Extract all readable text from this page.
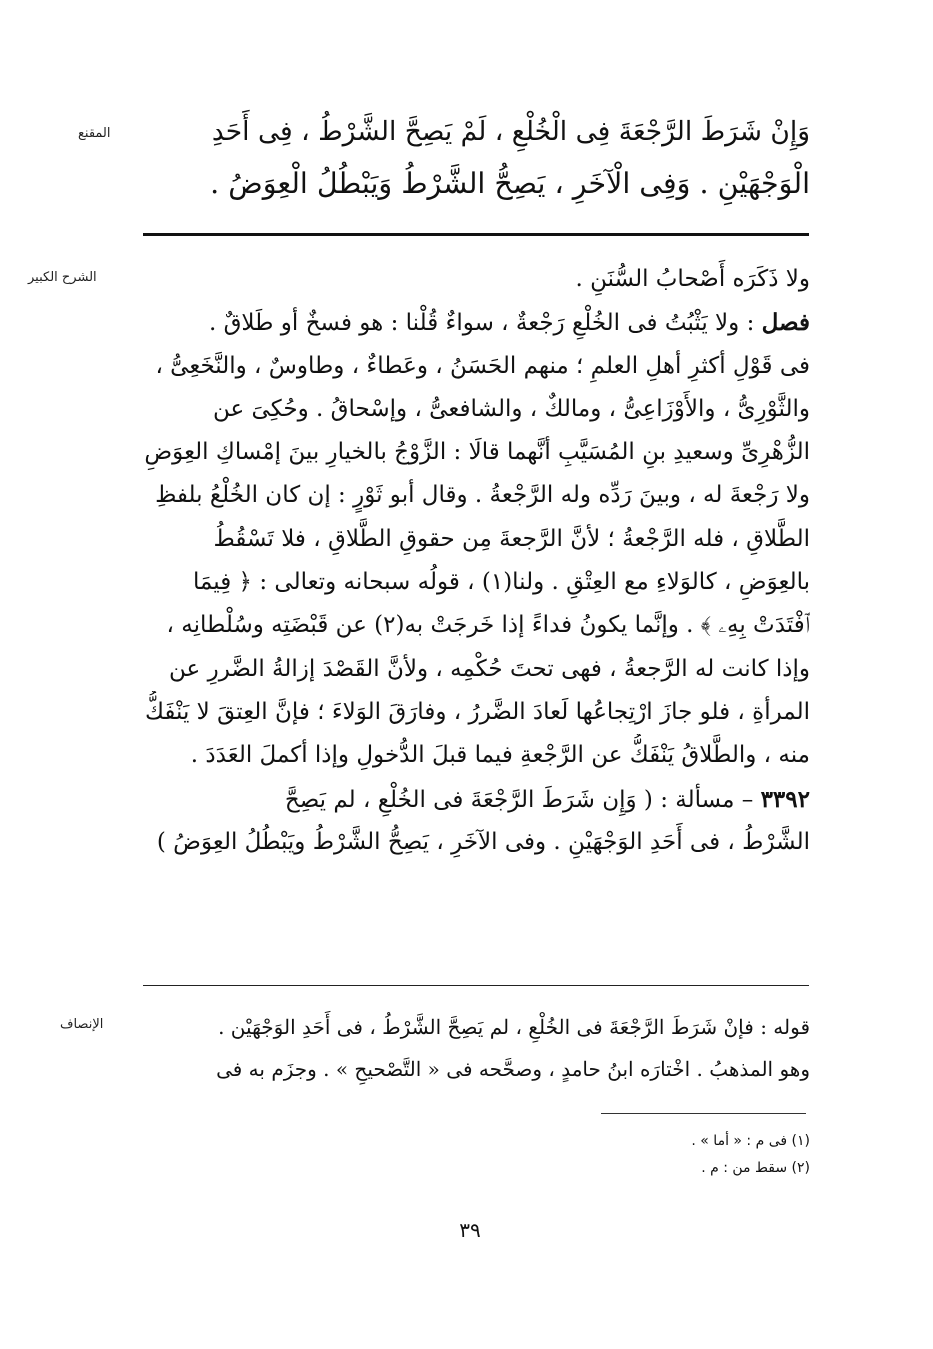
المقنع
الشرح الكبير
الإنصاف
وَإِنْ شَرَطَ الرَّجْعَةَ فِى الْخُلْعِ ، لَمْ يَصِحَّ الشَّرْطُ ، فِى أَحَدِ
الْوَجْهَيْنِ . وَفِى الْآخَرِ ، يَصِحُّ الشَّرْطُ وَيَبْطُلُ الْعِوَضُ .
ولا ذَكَرَه أَصْحابُ السُّنَنِ .
فصل : ولا يَثْبُتُ فى الخُلْعِ رَجْعةٌ ، سواءٌ قُلْنا : هو فسخٌ أو طَلاقٌ .
فى قَوْلِ أكثرِ أهلِ العلمِ ؛ منهم الحَسَنُ ، وعَطاءٌ ، وطاوسٌ ، والنَّخَعِىُّ ،
والثَّوْرِىُّ ، والأَوْزَاعِىُّ ، ومالكٌ ، والشافعىُّ ، وإسْحاقُ . وحُكِىَ عن
الزُّهْرِىِّ وسعيدِ بنِ المُسَيَّبِ أنَّهما قالَا : الزَّوْجُ بالخيارِ بينَ إمْساكِ العِوَضِ
ولا رَجْعةَ له ، وبينَ رَدِّه وله الرَّجْعةُ . وقال أبو ثَوْرٍ : إن كان الخُلْعُ بلفظِ
الطَّلاقِ ، فله الرَّجْعةُ ؛ لأنَّ الرَّجعةَ مِن حقوقِ الطَّلاقِ ، فلا تَسْقُطُ
بالعِوَضِ ، كالوَلاءِ مع العِتْقِ . ولنا(١) ، قولُه سبحانه وتعالى : ﴿ فِيمَا
ٱفْتَدَتْ بِهِۦ ﴾ . وإنَّما يكونُ فداءً إذا خَرجَتْ به(٢) عن قَبْضَتِه وسُلْطانِه ،
وإذا كانت له الرَّجعةُ ، فهى تحتَ حُكْمِه ، ولأنَّ القَصْدَ إزالةُ الضَّررِ عن
المرأةِ ، فلو جازَ ارْتِجاعُها لَعادَ الضَّررُ ، وفارَقَ الوَلاءَ ؛ فإنَّ العِتقَ لا يَنْفَكُّ
منه ، والطَّلاقُ يَنْفَكُّ عن الرَّجْعةِ فيما قبلَ الدُّخولِ وإذا أكملَ العَدَدَ .
٣٣٩٢ – مسألة : ( وَإِن شَرَطَ الرَّجْعَةَ فى الخُلْعِ ، لم يَصِحَّ
الشَّرْطُ ، فى أَحَدِ الوَجْهَيْنِ . وفى الآخَرِ ، يَصِحُّ الشَّرْطُ ويَبْطُلُ العِوَضُ )
قوله : فإنْ شَرَطَ الرَّجْعَةَ فى الخُلْعِ ، لم يَصِحَّ الشَّرْطُ ، فى أَحَدِ الوَجْهَيْن .
وهو المذهبُ . اخْتارَه ابنُ حامدٍ ، وصحَّحه فى « التَّصْحيحِ » . وجزَم به فى
(١) فى م : « أما » .
(٢) سقط من : م .
٣٩
